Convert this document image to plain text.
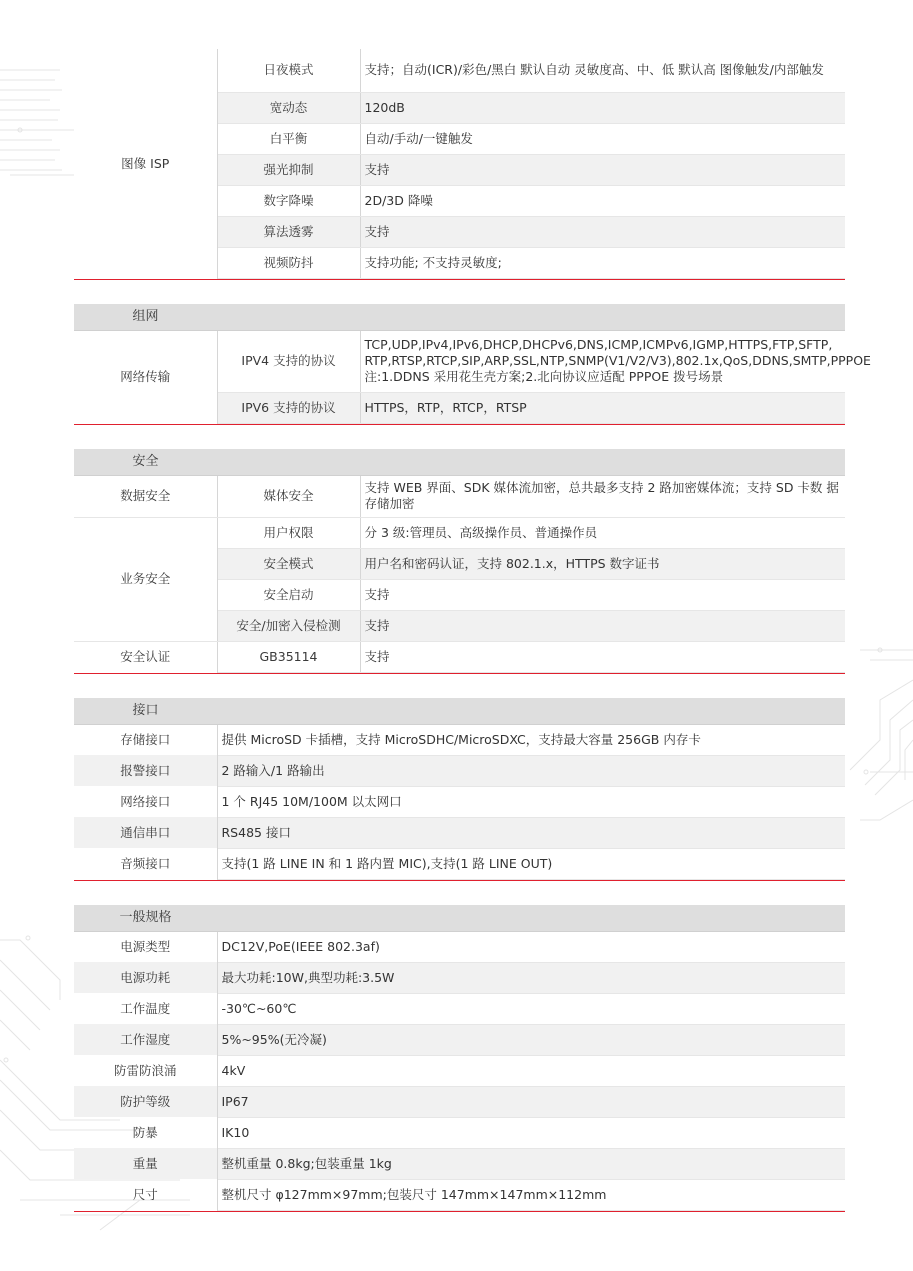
图像 ISP	日夜模式	支持；自动(ICR)/彩色/黑白 默认自动 灵敏度高、中、低 默认高 图像触发/内部触发
	宽动态	120dB
	白平衡	自动/手动/一键触发
	强光抑制	支持
	数字降噪	2D/3D 降噪
	算法透雾	支持
	视频防抖	支持功能; 不支持灵敏度;

组网		
网络传输	IPV4 支持的协议	TCP,UDP,IPv4,IPv6,DHCP,DHCPv6,DNS,ICMP,ICMPv6,IGMP,HTTPS,FTP,SFTP, RTP,RTSP,RTCP,SIP,ARP,SSL,NTP,SNMP(V1/V2/V3),802.1x,QoS,DDNS,SMTP,PPPOE 注:1.DDNS 采用花生壳方案;2.北向协议应适配 PPPOE 拨号场景
	IPV6 支持的协议	HTTPS，RTP，RTCP，RTSP

安全		
数据安全	媒体安全	支持 WEB 界面、SDK 媒体流加密，总共最多支持 2 路加密媒体流；支持 SD 卡数 据存储加密
业务安全	用户权限	分 3 级:管理员、高级操作员、普通操作员
	安全模式	用户名和密码认证，支持 802.1.x，HTTPS 数字证书
	安全启动	支持
	安全/加密入侵检测	支持
安全认证	GB35114	支持

接口	
存储接口	提供 MicroSD 卡插槽，支持 MicroSDHC/MicroSDXC，支持最大容量 256GB 内存卡
报警接口	2 路输入/1 路输出
网络接口	1 个 RJ45 10M/100M 以太网口
通信串口	RS485 接口
音频接口	支持(1 路 LINE IN 和 1 路内置 MIC),支持(1 路 LINE OUT)

一般规格	
电源类型	DC12V,PoE(IEEE 802.3af)
电源功耗	最大功耗:10W,典型功耗:3.5W
工作温度	-30℃~60℃
工作湿度	5%~95%(无冷凝)
防雷防浪涌	4kV
防护等级	IP67
防暴	IK10
重量	整机重量 0.8kg;包装重量 1kg
尺寸	整机尺寸 φ127mm×97mm;包装尺寸 147mm×147mm×112mm
